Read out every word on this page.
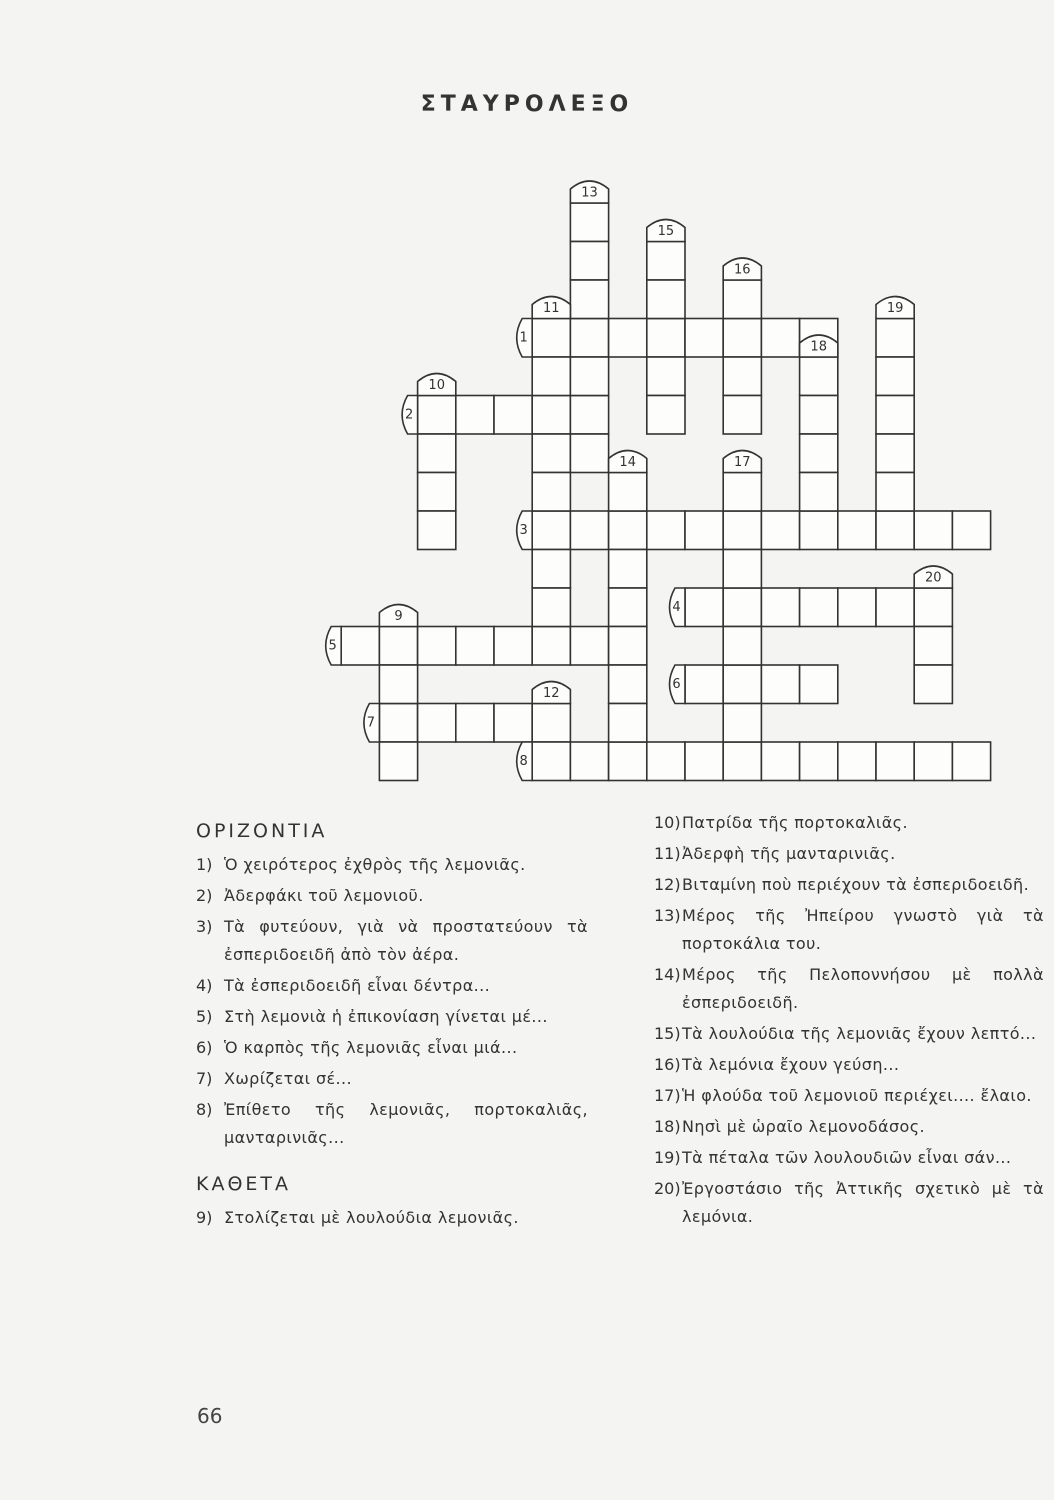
ΣΤΑΥΡΟΛΕΞΟ
1
2
3
4
5
6
7
8
9
10
11
12
13
14
15
16
17
18
19
20
ΟΡΙΖΟΝΤΙΑ
1) Ὁ χειρότερος ἐχθρὸς τῆς λεμονιᾶς.
2) Ἀδερφάκι τοῦ λεμονιοῦ.
3) Τὰ φυτεύουν, γιὰ νὰ προστατεύουν τὰ ἐσπεριδοειδῆ ἀπὸ τὸν ἀέρα.
4) Τὰ ἐσπεριδοειδῆ εἶναι δέντρα...
5) Στὴ λεμονιὰ ἡ ἐπικονίαση γίνεται μέ...
6) Ὁ καρπὸς τῆς λεμονιᾶς εἶναι μιά...
7) Χωρίζεται σέ...
8) Ἐπίθετο τῆς λεμονιᾶς, πορτοκαλιᾶς, μανταρινιᾶς...
ΚΑΘΕΤΑ
9) Στολίζεται μὲ λουλούδια λεμονιᾶς.
10) Πατρίδα τῆς πορτοκαλιᾶς.
11) Ἀδερφὴ τῆς μανταρινιᾶς.
12) Βιταμίνη ποὺ περιέχουν τὰ ἐσπεριδοειδῆ.
13) Μέρος τῆς Ἠπείρου γνωστὸ γιὰ τὰ πορτοκάλια του.
14) Μέρος τῆς Πελοποννήσου μὲ πολλὰ ἐσπεριδοειδῆ.
15) Τὰ λουλούδια τῆς λεμονιᾶς ἔχουν λεπτό...
16) Τὰ λεμόνια ἔχουν γεύση...
17) Ἡ φλούδα τοῦ λεμονιοῦ περιέχει.... ἔλαιο.
18) Νησὶ μὲ ὡραῖο λεμονοδάσος.
19) Τὰ πέταλα τῶν λουλουδιῶν εἶναι σάν...
20) Ἐργοστάσιο τῆς Ἀττικῆς σχετικὸ μὲ τὰ λεμόνια.
66
